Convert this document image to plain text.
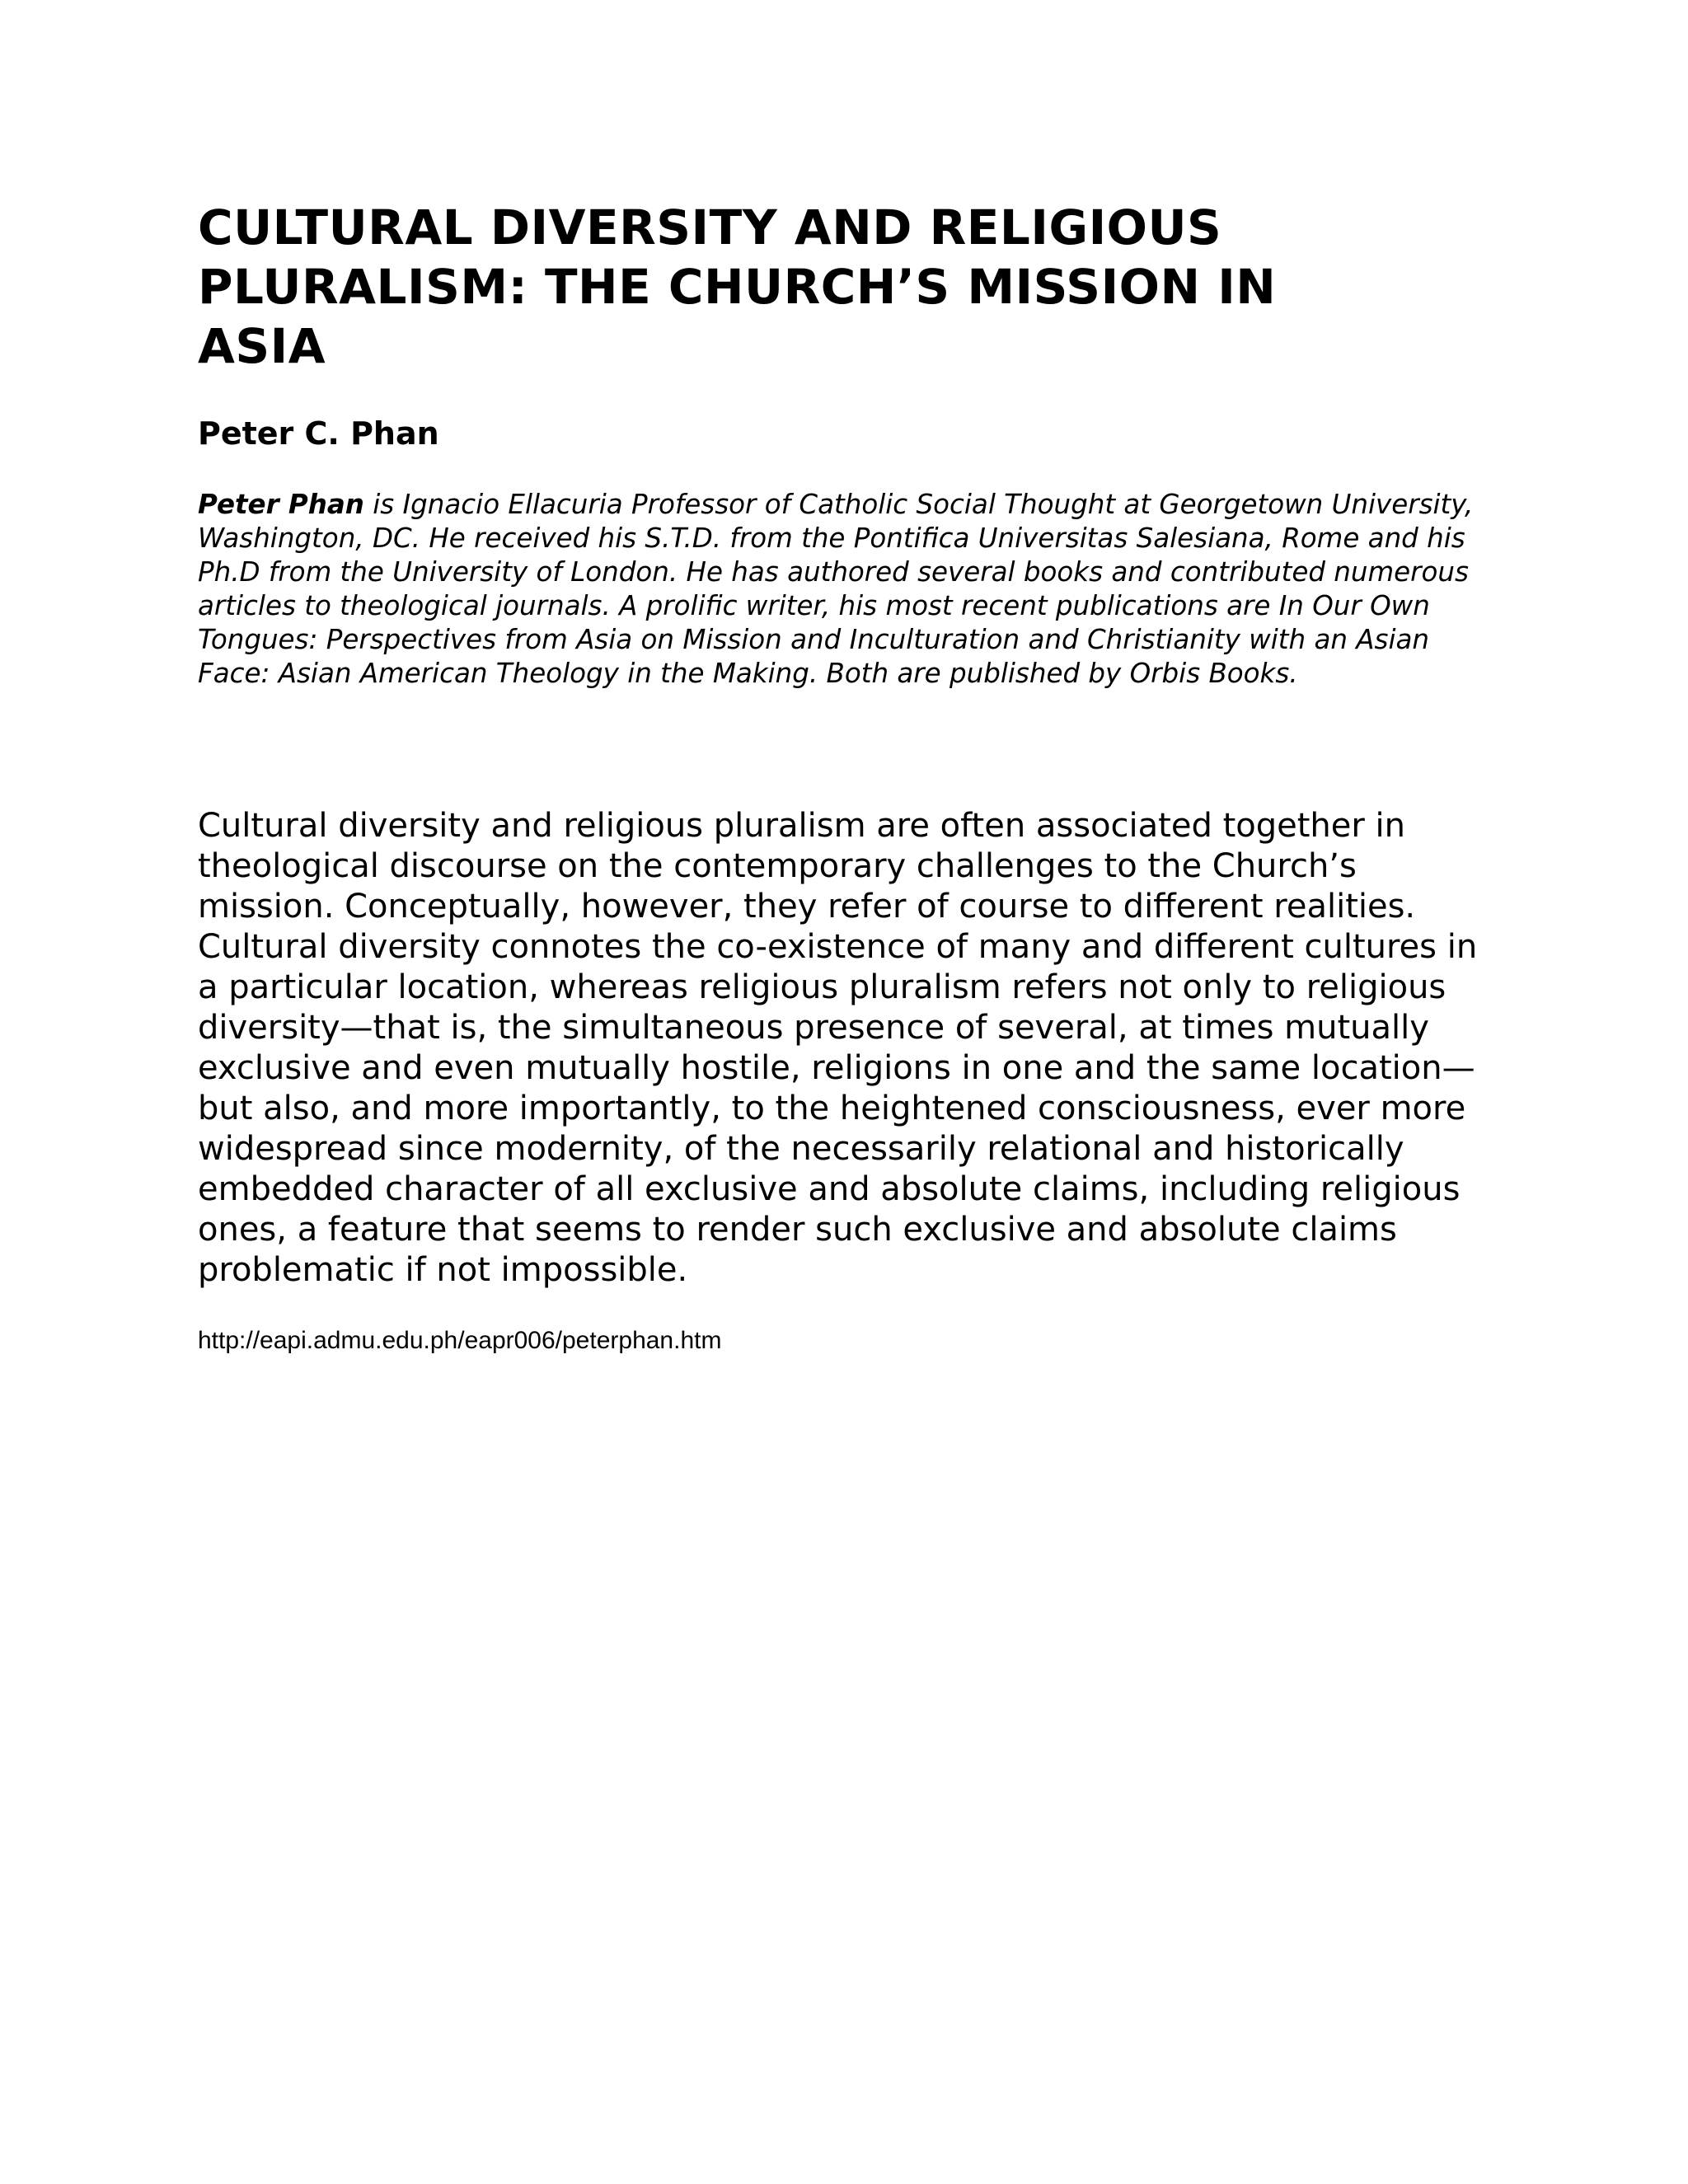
CULTURAL DIVERSITY AND RELIGIOUS PLURALISM: THE CHURCH’S MISSION IN ASIA
Peter C. Phan

Peter Phan is Ignacio Ellacuria Professor of Catholic Social Thought at Georgetown University, Washington, DC. He received his S.T.D. from the Pontifica Universitas Salesiana, Rome and his Ph.D from the University of London. He has authored several books and contributed numerous articles to theological journals. A prolific writer, his most recent publications are In Our Own Tongues: Perspectives from Asia on Mission and Inculturation and Christianity with an Asian Face: Asian American Theology in the Making. Both are published by Orbis Books.

Cultural diversity and religious pluralism are often associated together in theological discourse on the contemporary challenges to the Church’s mission. Conceptually, however, they refer of course to different realities. Cultural diversity connotes the co-existence of many and different cultures in a particular location, whereas religious pluralism refers not only to religious diversity—that is, the simultaneous presence of several, at times mutually exclusive and even mutually hostile, religions in one and the same location—but also, and more importantly, to the heightened consciousness, ever more widespread since modernity, of the necessarily relational and historically embedded character of all exclusive and absolute claims, including religious ones, a feature that seems to render such exclusive and absolute claims problematic if not impossible.

http://eapi.admu.edu.ph/eapr006/peterphan.htm
